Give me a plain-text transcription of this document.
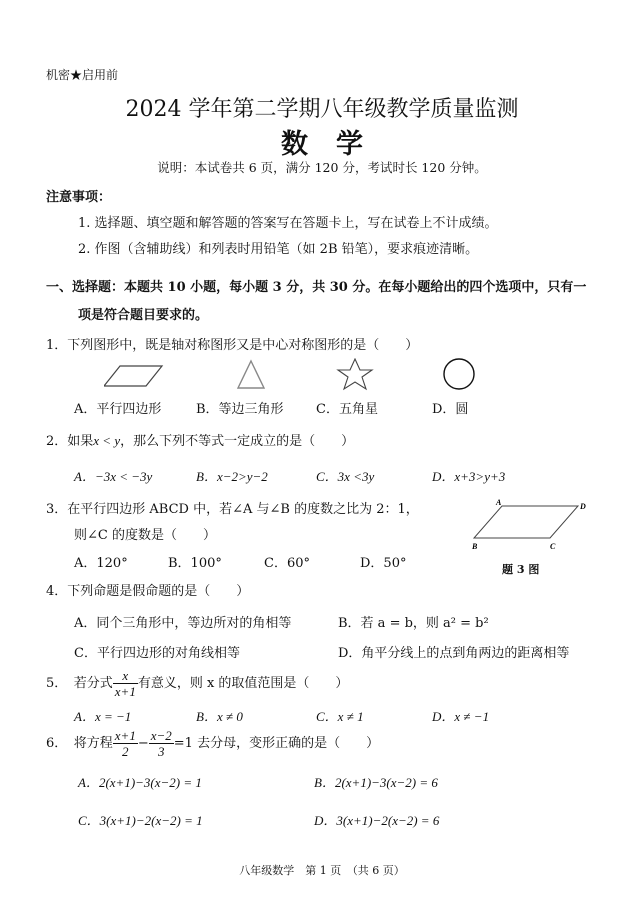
机密★启用前
2024 学年第二学期八年级教学质量监测
数学
说明：本试卷共 6 页，满分 120 分，考试时长 120 分钟。
注意事项：
1. 选择题、填空题和解答题的答案写在答题卡上，写在试卷上不计成绩。
2. 作图（含辅助线）和列表时用铅笔（如 2B 铅笔），要求痕迹清晰。
一、选择题：本题共 10 小题，每小题 3 分，共 30 分。在每小题给出的四个选项中，只有一
项是符合题目要求的。
1．下列图形中，既是轴对称图形又是中心对称图形的是（　　）
A．平行四边形	B．等边三角形 C．五角星	D．圆
2．如果x < y，那么下列不等式一定成立的是（　　）
A．−3x < −3y	B．x−2>y−2	C．3x <3y	D．x+3>y+3
3．在平行四边形 ABCD 中，若∠A 与∠B 的度数之比为 2：1，
则∠C 的度数是（　　）
A．120°	B．100°	C．60°	D．50°
A	D
B	C
题 3 图
4．下列命题是假命题的是（　　）
A．同个三角形中，等边所对的角相等	B．若 a = b，则 a² = b²
C．平行四边形的对角线相等	D．角平分线上的点到角两边的距离相等
5．　若分式 $\frac{x}{x+1}$ 有意义，则 x 的取值范围是（　　）
A．x = −1	B．x ≠ 0	C．x ≠ 1	D．x ≠ −1
6．　将方程 $\frac{x+1}{2} - \frac{x-2}{3} =1$ 去分母，变形正确的是（　　）
A．2(x+1)−3(x−2) = 1	B．2(x+1)−3(x−2) = 6
C．3(x+1)−2(x−2) = 1	D．3(x+1)−2(x−2) = 6
八年级数学　第 1 页　（共 6 页）
